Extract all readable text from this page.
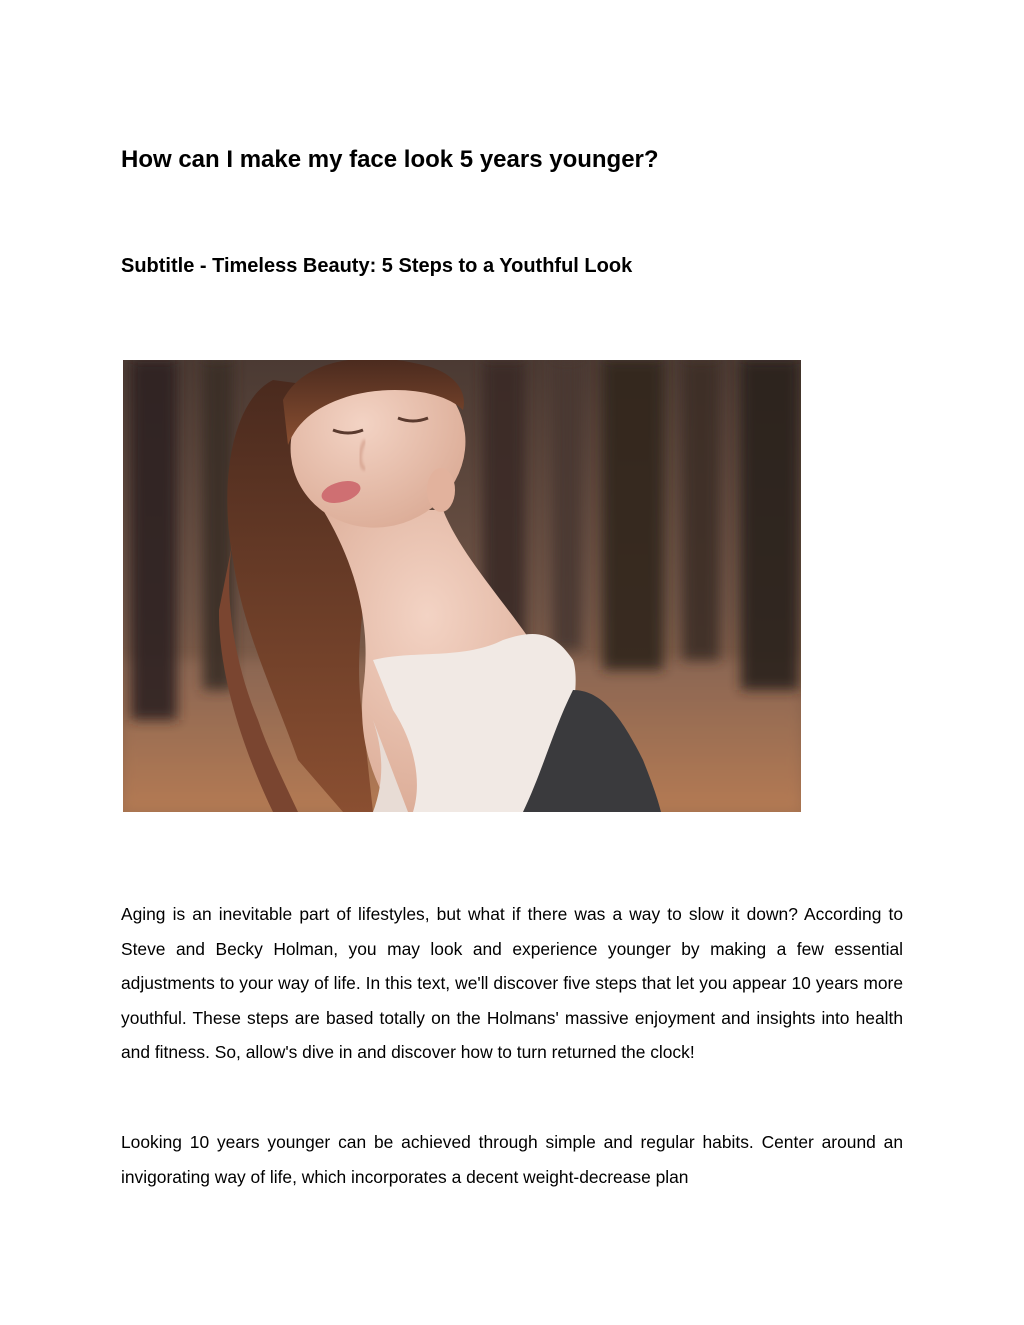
How can I make my face look 5 years younger?
Subtitle - Timeless Beauty: 5 Steps to a Youthful Look

Aging is an inevitable part of lifestyles, but what if there was a way to slow it down? According to Steve and Becky Holman, you may look and experience younger by making a few essential adjustments to your way of life. In this text, we'll discover five steps that let you appear 10 years more youthful. These steps are based totally on the Holmans' massive enjoyment and insights into health and fitness. So, allow's dive in and discover how to turn returned the clock!

Looking 10 years younger can be achieved through simple and regular habits. Center around an invigorating way of life, which incorporates a decent weight-decrease plan
